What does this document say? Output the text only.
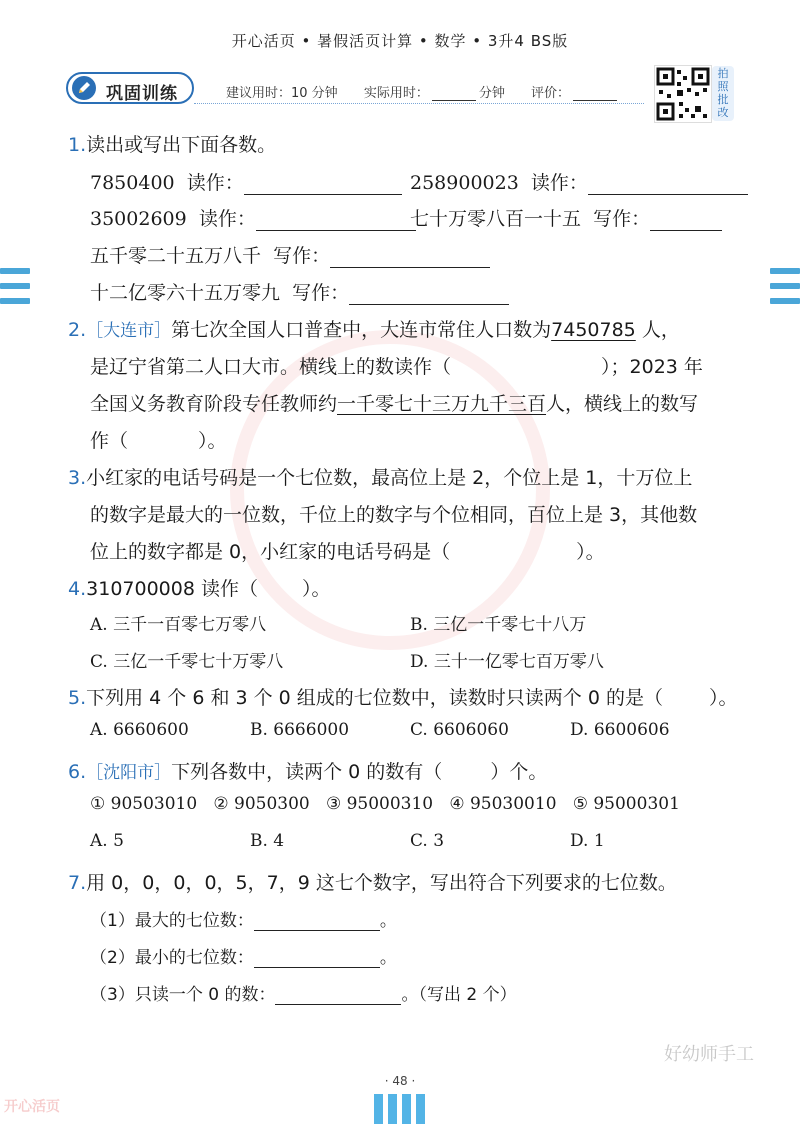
开心活页 • 暑假活页计算 • 数学 • 3升4 BS版
巩固训练	建议用时：10 分钟 实际用时：	分钟 评价：
拍
照
批
改
1.读出或写出下面各数。
7850400 读作：	258900023 读作：
35002609 读作：	七十万零八百一十五 写作：
五千零二十五万八千 写作：
十二亿零六十五万零九 写作：
2.［大连市］第七次全国人口普查中，大连市常住人口数为7450785 人，
是辽宁省第二人口大市。横线上的数读作（	）；2023 年
全国义务教育阶段专任教师约一千零七十三万九千三百人，横线上的数写
作（	）。
3.小红家的电话号码是一个七位数，最高位上是 2，个位上是 1，十万位上
的数字是最大的一位数，千位上的数字与个位相同，百位上是 3，其他数
位上的数字都是 0，小红家的电话号码是（	）。
4.310700008 读作（ ）。
A. 三千一百零七万零八	B. 三亿一千零七十八万
C. 三亿一千零七十万零八	D. 三十一亿零七百万零八
5.下列用 4 个 6 和 3 个 0 组成的七位数中，读数时只读两个 0 的是（ ）。
A. 6660600	B. 6666000	C. 6606060	D. 6600606
6.［沈阳市］下列各数中，读两个 0 的数有（	）个。
① 90503010   ② 9050300   ③ 95000310   ④ 95030010   ⑤ 95000301
A. 5	B. 4	C. 3	D. 1
7.用 0，0，0，0，5，7，9 这七个数字，写出符合下列要求的七位数。
（1）最大的七位数：	。
（2）最小的七位数：	。
（3）只读一个 0 的数：	。（写出 2 个）
好幼师手工
· 48 ·
开心活页
